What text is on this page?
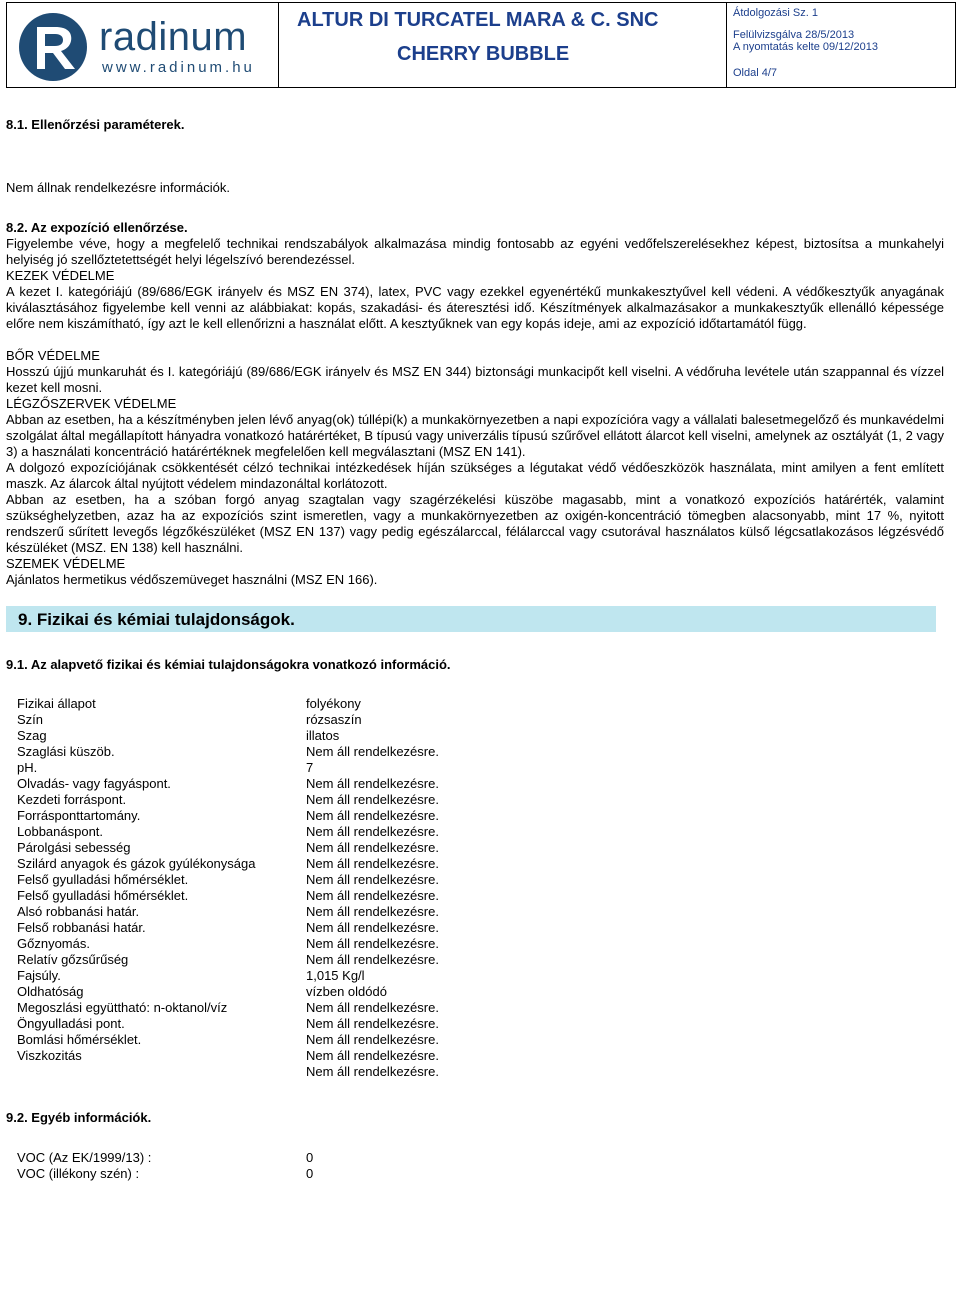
radinum
www.radinum.hu
ALTUR DI TURCATEL MARA & C. SNC
CHERRY BUBBLE
Átdolgozási Sz. 1
Felülvizsgálva 28/5/2013
A nyomtatás kelte 09/12/2013
Oldal 4/7
8.1. Ellenőrzési paraméterek.
Nem állnak rendelkezésre információk.
8.2. Az expozíció ellenőrzése.
Figyelembe véve, hogy a megfelelő technikai rendszabályok alkalmazása mindig fontosabb az egyéni vedőfelszerelésekhez képest, biztosítsa a munkahelyi helyiség jó szellőztetettségét helyi légelszívó berendezéssel.
KEZEK VÉDELME
A kezet I. kategóriájú (89/686/EGK irányelv és MSZ EN 374), latex, PVC vagy ezekkel egyenértékű munkakesztyűvel kell védeni. A védőkesztyűk anyagának kiválasztásához figyelembe kell venni az alábbiakat: kopás, szakadási- és áteresztési idő. Készítmények alkalmazásakor a munkakesztyűk ellenálló képessége előre nem kiszámítható, így azt le kell ellenőrizni a használat előtt. A kesztyűknek van egy kopás ideje, ami az expozíció időtartamától függ.
BŐR VÉDELME
Hosszú újjú munkaruhát és I. kategóriájú (89/686/EGK irányelv és MSZ EN 344) biztonsági munkacipőt kell viselni. A védőruha levétele után szappannal és vízzel kezet kell mosni.
LÉGZŐSZERVEK VÉDELME
Abban az esetben, ha a készítményben jelen lévő anyag(ok) túllépi(k) a munkakörnyezetben a napi expozícióra vagy a vállalati balesetmegelőző és munkavédelmi szolgálat által megállapított hányadra vonatkozó határértéket, B típusú vagy univerzális típusú szűrővel ellátott álarcot kell viselni, amelynek az osztályát (1, 2 vagy 3) a használati koncentráció határértéknek megfelelően kell megválasztani (MSZ EN 141).
A dolgozó expozíciójának csökkentését célzó technikai intézkedések híján szükséges a légutakat védő védőeszközök használata, mint amilyen a fent említett maszk. Az álarcok által nyújtott védelem mindazonáltal korlátozott.
Abban az esetben, ha a szóban forgó anyag szagtalan vagy szagérzékelési küszöbe magasabb, mint a vonatkozó expozíciós határérték, valamint szükséghelyzetben, azaz ha az expozíciós szint ismeretlen, vagy a munkakörnyezetben az oxigén-koncentráció tömegben alacsonyabb, mint 17 %, nyitott rendszerű sűrített levegős légzőkészüléket (MSZ EN 137) vagy pedig egészálarccal, félálarccal vagy csutorával használatos külső légcsatlakozásos légzésvédő készüléket (MSZ. EN 138) kell használni.
SZEMEK VÉDELME
Ajánlatos hermetikus védőszemüveget használni (MSZ EN 166).
9. Fizikai és kémiai tulajdonságok.
9.1. Az alapvető fizikai és kémiai tulajdonságokra vonatkozó információ.
Fizikai állapot	folyékony
Szín	rózsaszín
Szag	illatos
Szaglási küszöb.	Nem áll rendelkezésre.
pH.	7
Olvadás- vagy fagyáspont.	Nem áll rendelkezésre.
Kezdeti forráspont.	Nem áll rendelkezésre.
Forrásponttartomány.	Nem áll rendelkezésre.
Lobbanáspont.	Nem áll rendelkezésre.
Párolgási sebesség	Nem áll rendelkezésre.
Szilárd anyagok és gázok gyúlékonysága	Nem áll rendelkezésre.
Felső gyulladási hőmérséklet.	Nem áll rendelkezésre.
Felső gyulladási hőmérséklet.	Nem áll rendelkezésre.
Alsó robbanási határ.	Nem áll rendelkezésre.
Felső robbanási határ.	Nem áll rendelkezésre.
Gőznyomás.	Nem áll rendelkezésre.
Relatív gőzsűrűség	Nem áll rendelkezésre.
Fajsúly.	1,015 Kg/l
Oldhatóság	vízben oldódó
Megoszlási együttható: n-oktanol/víz	Nem áll rendelkezésre.
Öngyulladási pont.	Nem áll rendelkezésre.
Bomlási hőmérséklet.	Nem áll rendelkezésre.
Viszkozitás	Nem áll rendelkezésre.
Nem áll rendelkezésre.
9.2. Egyéb információk.
VOC (Az EK/1999/13) :	0
VOC (illékony szén) :	0
